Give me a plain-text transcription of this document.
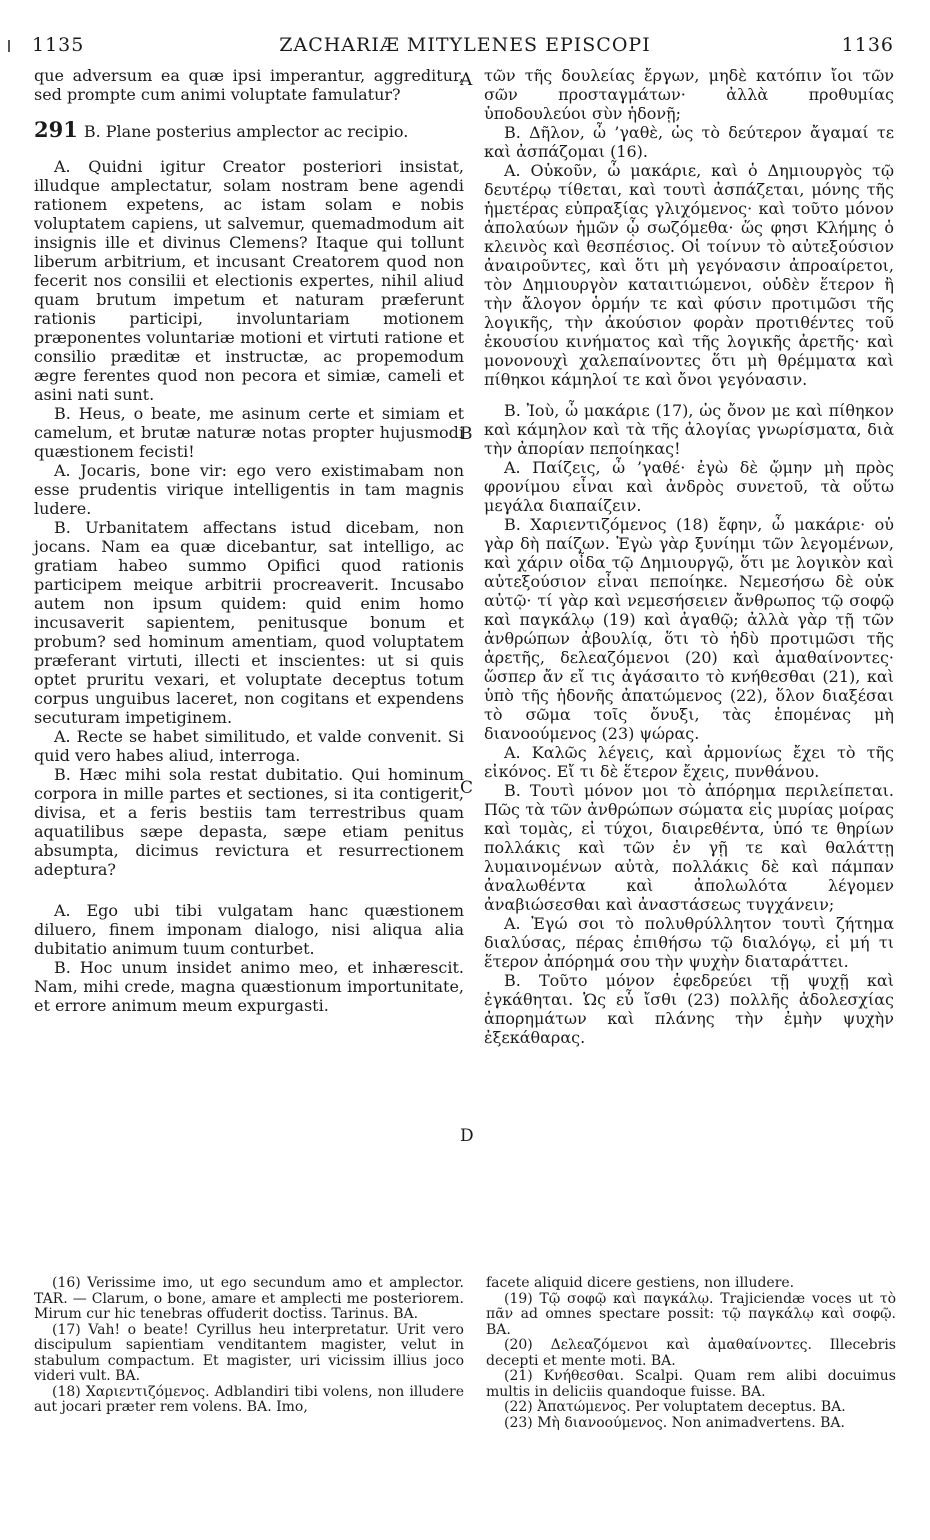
1135	ZACHARIÆ MITYLENES EPISCOPI	1136

que adversum ea quæ ipsi imperantur, aggreditur, sed prompte cum animi voluptate famulatur?

291 B. Plane posterius amplector ac recipio.

A. Quidni igitur Creator posteriori insistat, illudque amplectatur, solam nostram bene agendi rationem expetens, ac istam solam e nobis voluptatem capiens, ut salvemur, quemadmodum ait insignis ille et divinus Clemens? Itaque qui tollunt liberum arbitrium, et incusant Creatorem quod non fecerit nos consilii et electionis expertes, nihil aliud quam brutum impetum et naturam præferunt rationis participi, involuntariam motionem præponentes voluntariæ motioni et virtuti ratione et consilio præditæ et instructæ, ac propemodum ægre ferentes quod non pecora et simiæ, cameli et asini nati sunt.

B. Heus, o beate, me asinum certe et simiam et camelum, et brutæ naturæ notas propter hujusmodi quæstionem fecisti!

A. Jocaris, bone vir: ego vero existimabam non esse prudentis virique intelligentis in tam magnis ludere.

B. Urbanitatem affectans istud dicebam, non jocans. Nam ea quæ dicebantur, sat intelligo, ac gratiam habeo summo Opifici quod rationis participem meique arbitrii procreaverit. Incusabo autem non ipsum quidem: quid enim homo incusaverit sapientem, penitusque bonum et probum? sed hominum amentiam, quod voluptatem præferant virtuti, illecti et inscientes: ut si quis optet pruritu vexari, et voluptate deceptus totum corpus unguibus laceret, non cogitans et expendens secuturam impetiginem.

A. Recte se habet similitudo, et valde convenit. Si quid vero habes aliud, interroga.

B. Hæc mihi sola restat dubitatio. Qui hominum corpora in mille partes et sectiones, si ita contigerit, divisa, et a feris bestiis tam terrestribus quam aquatilibus sæpe depasta, sæpe etiam penitus absumpta, dicimus revictura et resurrectionem adeptura?

A. Ego ubi tibi vulgatam hanc quæstionem diluero, finem imponam dialogo, nisi aliqua alia dubitatio animum tuum conturbet.

B. Hoc unum insidet animo meo, et inhærescit. Nam, mihi crede, magna quæstionum importunitate, et errore animum meum expurgasti.

A
B
C
D

τῶν τῆς δουλείας ἔργων, μηδὲ κατόπιν ἴοι τῶν σῶν προσταγμάτων· ἀλλὰ προθυμίας ὑποδουλεύοι σὺν ἡδονῇ;

Β. Δῆλον, ὦ ’γαθὲ, ὡς τὸ δεύτερον ἄγαμαί τε καὶ ἀσπάζομαι (16).

Α. Οὐκοῦν, ὦ μακάριε, καὶ ὁ Δημιουργὸς τῷ δευτέρῳ τίθεται, καὶ τουτὶ ἀσπάζεται, μόνης τῆς ἡμετέρας εὐπραξίας γλιχόμενος· καὶ τοῦτο μόνον ἀπολαύων ἡμῶν ᾧ σωζόμεθα· ὥς φησι Κλήμης ὁ κλεινὸς καὶ θεσπέσιος. Οἱ τοίνυν τὸ αὐτεξούσιον ἀναιροῦντες, καὶ ὅτι μὴ γεγόνασιν ἀπροαίρετοι, τὸν Δημιουργὸν καταιτιώμενοι, οὐδὲν ἕτερον ἢ τὴν ἄλογον ὁρμήν τε καὶ φύσιν προτιμῶσι τῆς λογικῆς, τὴν ἀκούσιον φορὰν προτιθέντες τοῦ ἑκουσίου κινήματος καὶ τῆς λογικῆς ἀρετῆς· καὶ μονονουχὶ χαλεπαίνοντες ὅτι μὴ θρέμματα καὶ πίθηκοι κάμηλοί τε καὶ ὄνοι γεγόνασιν.

Β. Ἰοὺ, ὦ μακάριε (17), ὡς ὄνον με καὶ πίθηκον καὶ κάμηλον καὶ τὰ τῆς ἀλογίας γνωρίσματα, διὰ τὴν ἀπορίαν πεποίηκας!

Α. Παίζεις, ὦ ’γαθέ· ἐγὼ δὲ ᾤμην μὴ πρὸς φρονίμου εἶναι καὶ ἀνδρὸς συνετοῦ, τὰ οὕτω μεγάλα διαπαίζειν.

Β. Χαριεντιζόμενος (18) ἔφην, ὦ μακάριε· οὐ γὰρ δὴ παίζων. Ἐγὼ γὰρ ξυνίημι τῶν λεγομένων, καὶ χάριν οἶδα τῷ Δημιουργῷ, ὅτι με λογικὸν καὶ αὐτεξούσιον εἶναι πεποίηκε. Νεμεσήσω δὲ οὐκ αὐτῷ· τί γὰρ καὶ νεμεσήσειεν ἄνθρωπος τῷ σοφῷ καὶ παγκάλῳ (19) καὶ ἀγαθῷ; ἀλλὰ γὰρ τῇ τῶν ἀνθρώπων ἀβουλίᾳ, ὅτι τὸ ἡδὺ προτιμῶσι τῆς ἀρετῆς, δελεαζόμενοι (20) καὶ ἀμαθαίνοντες· ὥσπερ ἄν εἴ τις ἀγάσαιτο τὸ κνήθεσθαι (21), καὶ ὑπὸ τῆς ἡδονῆς ἀπατώμενος (22), ὅλον διαξέσαι τὸ σῶμα τοῖς ὄνυξι, τὰς ἑπομένας μὴ διανοούμενος (23) ψώρας.

Α. Καλῶς λέγεις, καὶ ἁρμονίως ἔχει τὸ τῆς εἰκόνος. Εἴ τι δὲ ἕτερον ἔχεις, πυνθάνου.

Β. Τουτὶ μόνον μοι τὸ ἀπόρημα περιλείπεται. Πῶς τὰ τῶν ἀνθρώπων σώματα εἰς μυρίας μοίρας καὶ τομὰς, εἰ τύχοι, διαιρεθέντα, ὑπό τε θηρίων πολλάκις καὶ τῶν ἐν γῇ τε καὶ θαλάττῃ λυμαινομένων αὐτὰ, πολλάκις δὲ καὶ πάμπαν ἀναλωθέντα καὶ ἀπολωλότα λέγομεν ἀναβιώσεσθαι καὶ ἀναστάσεως τυγχάνειν;

Α. Ἐγώ σοι τὸ πολυθρύλλητον τουτὶ ζήτημα διαλύσας, πέρας ἐπιθήσω τῷ διαλόγῳ, εἰ μή τι ἕτερον ἀπόρημά σου τὴν ψυχὴν διαταράττει.

Β. Τοῦτο μόνον ἐφεδρεύει τῇ ψυχῇ καὶ ἐγκάθηται. Ὡς εὖ ἴσθι (23) πολλῆς ἀδολεσχίας ἀπορημάτων καὶ πλάνης τὴν ἐμὴν ψυχὴν ἐξεκάθαρας.

(16) Verissime imo, ut ego secundum amo et amplector. TAR. — Clarum, o bone, amare et amplecti me posteriorem. Mirum cur hic tenebras offuderit doctiss. Tarinus. BA.

(17) Vah! o beate! Cyrillus heu interpretatur. Urit vero discipulum sapientiam venditantem magister, velut in stabulum compactum. Et magister, uri vicissim illius joco videri vult. BA.

(18) Χαριεντιζόμενος. Adblandiri tibi volens, non illudere aut jocari præter rem volens. BA. Imo,

facete aliquid dicere gestiens, non illudere.

(19) Τῷ σοφῷ καὶ παγκάλῳ. Trajiciendæ voces ut τὸ πᾶν ad omnes spectare possit: τῷ παγκάλῳ καὶ σοφῷ. BA.

(20) Δελεαζόμενοι καὶ ἀμαθαίνοντες. Illecebris decepti et mente moti. BA.

(21) Κνήθεσθαι. Scalpi. Quam rem alibi docuimus multis in deliciis quandoque fuisse. BA.

(22) Ἀπατώμενος. Per voluptatem deceptus. BA.

(23) Μὴ διανοούμενος. Non animadvertens. BA.
